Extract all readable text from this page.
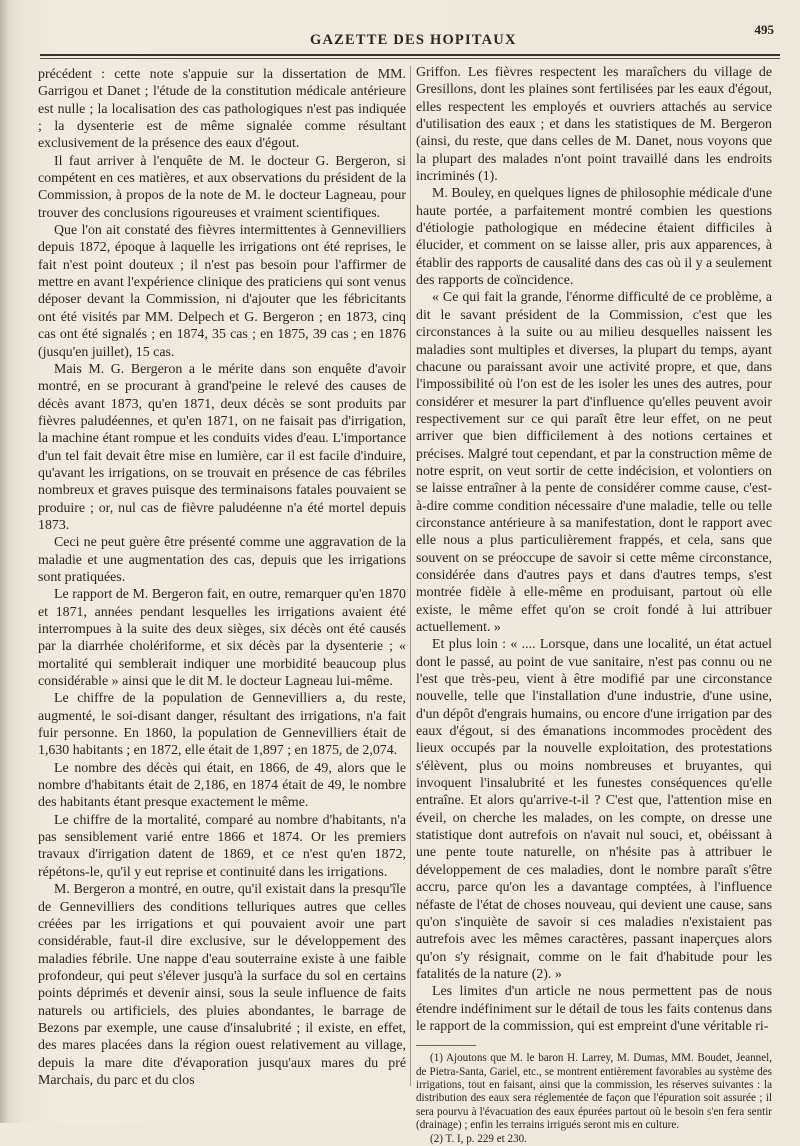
GAZETTE DES HOPITAUX
495

précédent : cette note s'appuie sur la dissertation de MM. Garrigou et Danet ; l'étude de la constitution médicale antérieure est nulle ; la localisation des cas pathologiques n'est pas indiquée ; la dysenterie est de même signalée comme résultant exclusivement de la présence des eaux d'égout.

Il faut arriver à l'enquête de M. le docteur G. Bergeron, si compétent en ces matières, et aux observations du président de la Commission, à propos de la note de M. le docteur Lagneau, pour trouver des conclusions rigoureuses et vraiment scientifiques.

Que l'on ait constaté des fièvres intermittentes à Gennevilliers depuis 1872, époque à laquelle les irrigations ont été reprises, le fait n'est point douteux ; il n'est pas besoin pour l'affirmer de mettre en avant l'expérience clinique des praticiens qui sont venus déposer devant la Commission, ni d'ajouter que les fébricitants ont été visités par MM. Delpech et G. Bergeron ; en 1873, cinq cas ont été signalés ; en 1874, 35 cas ; en 1875, 39 cas ; en 1876 (jusqu'en juillet), 15 cas.

Mais M. G. Bergeron a le mérite dans son enquête d'avoir montré, en se procurant à grand'peine le relevé des causes de décès avant 1873, qu'en 1871, deux décès se sont produits par fièvres paludéennes, et qu'en 1871, on ne faisait pas d'irrigation, la machine étant rompue et les conduits vides d'eau. L'importance d'un tel fait devait être mise en lumière, car il est facile d'induire, qu'avant les irrigations, on se trouvait en présence de cas fébriles nombreux et graves puisque des terminaisons fatales pouvaient se produire ; or, nul cas de fièvre paludéenne n'a été mortel depuis 1873.

Ceci ne peut guère être présenté comme une aggravation de la maladie et une augmentation des cas, depuis que les irrigations sont pratiquées.

Le rapport de M. Bergeron fait, en outre, remarquer qu'en 1870 et 1871, années pendant lesquelles les irrigations avaient été interrompues à la suite des deux sièges, six décès ont été causés par la diarrhée cholériforme, et six décès par la dysenterie ; « mortalité qui semblerait indiquer une morbidité beaucoup plus considérable » ainsi que le dit M. le docteur Lagneau lui-même.

Le chiffre de la population de Gennevilliers a, du reste, augmenté, le soi-disant danger, résultant des irrigations, n'a fait fuir personne. En 1860, la population de Gennevilliers était de 1,630 habitants ; en 1872, elle était de 1,897 ; en 1875, de 2,074.

Le nombre des décès qui était, en 1866, de 49, alors que le nombre d'habitants était de 2,186, en 1874 était de 49, le nombre des habitants étant presque exactement le même.

Le chiffre de la mortalité, comparé au nombre d'habitants, n'a pas sensiblement varié entre 1866 et 1874. Or les premiers travaux d'irrigation datent de 1869, et ce n'est qu'en 1872, répétons-le, qu'il y eut reprise et continuité dans les irrigations.

M. Bergeron a montré, en outre, qu'il existait dans la presqu'île de Gennevilliers des conditions telluriques autres que celles créées par les irrigations et qui pouvaient avoir une part considérable, faut-il dire exclusive, sur le développement des maladies fébrile. Une nappe d'eau souterraine existe à une faible profondeur, qui peut s'élever jusqu'à la surface du sol en certains points déprimés et devenir ainsi, sous la seule influence de faits naturels ou artificiels, des pluies abondantes, le barrage de Bezons par exemple, une cause d'insalubrité ; il existe, en effet, des mares placées dans la région ouest relativement au village, depuis la mare dite d'évaporation jusqu'aux mares du pré Marchais, du parc et du clos

Griffon. Les fièvres respectent les maraîchers du village de Gresillons, dont les plaines sont fertilisées par les eaux d'égout, elles respectent les employés et ouvriers attachés au service d'utilisation des eaux ; et dans les statistiques de M. Bergeron (ainsi, du reste, que dans celles de M. Danet, nous voyons que la plupart des malades n'ont point travaillé dans les endroits incriminés (1).

M. Bouley, en quelques lignes de philosophie médicale d'une haute portée, a parfaitement montré combien les questions d'étiologie pathologique en médecine étaient difficiles à élucider, et comment on se laisse aller, pris aux apparences, à établir des rapports de causalité dans des cas où il y a seulement des rapports de coïncidence.

« Ce qui fait la grande, l'énorme difficulté de ce problème, a dit le savant président de la Commission, c'est que les circonstances à la suite ou au milieu desquelles naissent les maladies sont multiples et diverses, la plupart du temps, ayant chacune ou paraissant avoir une activité propre, et que, dans l'impossibilité où l'on est de les isoler les unes des autres, pour considérer et mesurer la part d'influence qu'elles peuvent avoir respectivement sur ce qui paraît être leur effet, on ne peut arriver que bien difficilement à des notions certaines et précises. Malgré tout cependant, et par la construction même de notre esprit, on veut sortir de cette indécision, et volontiers on se laisse entraîner à la pente de considérer comme cause, c'est-à-dire comme condition nécessaire d'une maladie, telle ou telle circonstance antérieure à sa manifestation, dont le rapport avec elle nous a plus particulièrement frappés, et cela, sans que souvent on se préoccupe de savoir si cette même circonstance, considérée dans d'autres pays et dans d'autres temps, s'est montrée fidèle à elle-même en produisant, partout où elle existe, le même effet qu'on se croit fondé à lui attribuer actuellement. »

Et plus loin : « .... Lorsque, dans une localité, un état actuel dont le passé, au point de vue sanitaire, n'est pas connu ou ne l'est que très-peu, vient à être modifié par une circonstance nouvelle, telle que l'installation d'une industrie, d'une usine, d'un dépôt d'engrais humains, ou encore d'une irrigation par des eaux d'égout, si des émanations incommodes procèdent des lieux occupés par la nouvelle exploitation, des protestations s'élèvent, plus ou moins nombreuses et bruyantes, qui invoquent l'insalubrité et les funestes conséquences qu'elle entraîne. Et alors qu'arrive-t-il ? C'est que, l'attention mise en éveil, on cherche les malades, on les compte, on dresse une statistique dont autrefois on n'avait nul souci, et, obéissant à une pente toute naturelle, on n'hésite pas à attribuer le développement de ces maladies, dont le nombre paraît s'être accru, parce qu'on les a davantage comptées, à l'influence néfaste de l'état de choses nouveau, qui devient une cause, sans qu'on s'inquiète de savoir si ces maladies n'existaient pas autrefois avec les mêmes caractères, passant inaperçues alors qu'on s'y résignait, comme on le fait d'habitude pour les fatalités de la nature (2). »

Les limites d'un article ne nous permettent pas de nous étendre indéfiniment sur le détail de tous les faits contenus dans le rapport de la commission, qui est empreint d'une véritable ri-

(1) Ajoutons que M. le baron H. Larrey, M. Dumas, MM. Boudet, Jeannel, de Pietra-Santa, Gariel, etc., se montrent entièrement favorables au système des irrigations, tout en faisant, ainsi que la commission, les réserves suivantes : la distribution des eaux sera réglementée de façon que l'épuration soit assurée ; il sera pourvu à l'évacuation des eaux épurées partout où le besoin s'en fera sentir (drainage) ; enfin les terrains irrigués seront mis en culture.

(2) T. I, p. 229 et 230.
